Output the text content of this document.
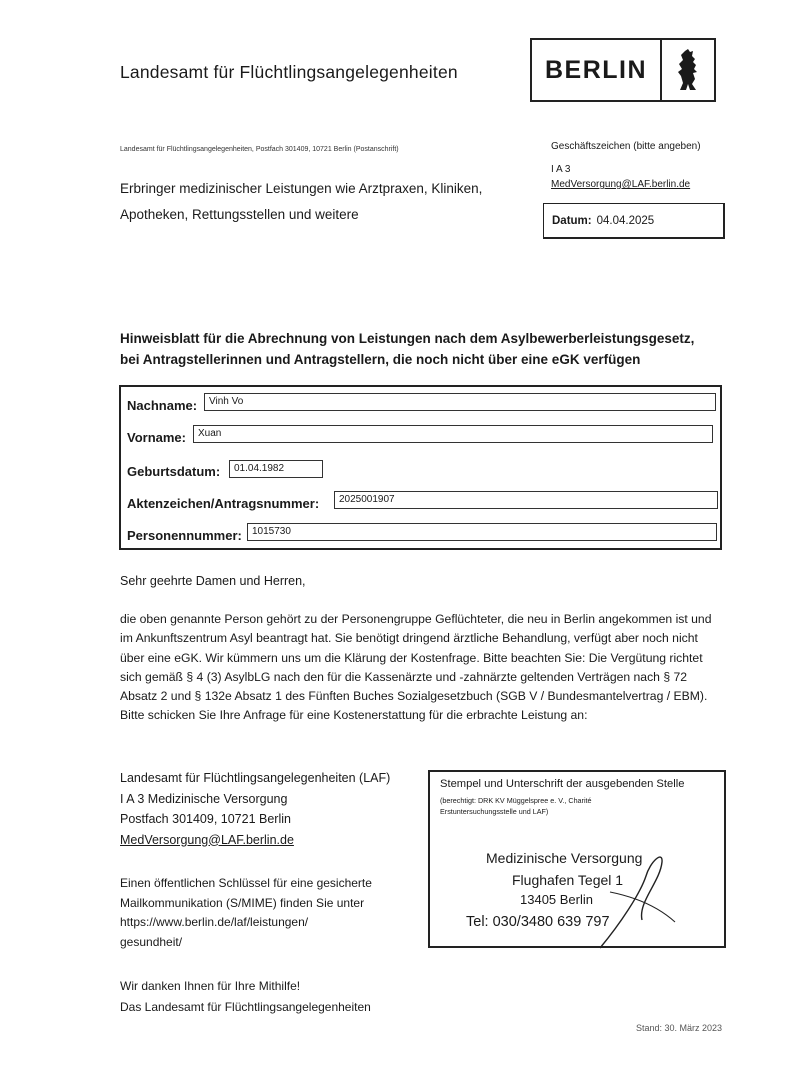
Landesamt für Flüchtlingsangelegenheiten	BERLIN
Landesamt für Flüchtlingsangelegenheiten, Postfach 301409, 10721 Berlin (Postanschrift)
Erbringer medizinischer Leistungen wie Arztpraxen, Kliniken,
Apotheken, Rettungsstellen und weitere
Geschäftszeichen (bitte angeben)
I A 3
MedVersorgung@LAF.berlin.de
Datum: 04.04.2025
Hinweisblatt für die Abrechnung von Leistungen nach dem Asylbewerberleistungsgesetz,
bei Antragstellerinnen und Antragstellern, die noch nicht über eine eGK verfügen
Nachname:	Vinh Vo
Vorname:	Xuan
Geburtsdatum:	01.04.1982
Aktenzeichen/Antragsnummer:	2025001907
Personennummer:	1015730
Sehr geehrte Damen und Herren,
die oben genannte Person gehört zu der Personengruppe Geflüchteter, die neu in Berlin angekommen ist und im Ankunftszentrum Asyl beantragt hat. Sie benötigt dringend ärztliche Behandlung, verfügt aber noch nicht über eine eGK. Wir kümmern uns um die Klärung der Kostenfrage. Bitte beachten Sie: Die Vergütung richtet sich gemäß § 4 (3) AsylbLG nach den für die Kassenärzte und -zahnärzte geltenden Verträgen nach § 72 Absatz 2 und § 132e Absatz 1 des Fünften Buches Sozialgesetzbuch (SGB V / Bundesmantelvertrag / EBM). Bitte schicken Sie Ihre Anfrage für eine Kostenerstattung für die erbrachte Leistung an:
Landesamt für Flüchtlingsangelegenheiten (LAF)
I A 3 Medizinische Versorgung
Postfach 301409, 10721 Berlin
MedVersorgung@LAF.berlin.de
Einen öffentlichen Schlüssel für eine gesicherte
Mailkommunikation (S/MIME) finden Sie unter
https://www.berlin.de/laf/leistungen/
gesundheit/
Wir danken Ihnen für Ihre Mithilfe!
Das Landesamt für Flüchtlingsangelegenheiten
Stempel und Unterschrift der ausgebenden Stelle
(berechtigt: DRK KV Müggelspree e. V., Charité
Erstuntersuchungsstelle und LAF)
Medizinische Versorgung
Flughafen Tegel 1
13405 Berlin
Tel: 030/3480 639 797
Stand: 30. März 2023
